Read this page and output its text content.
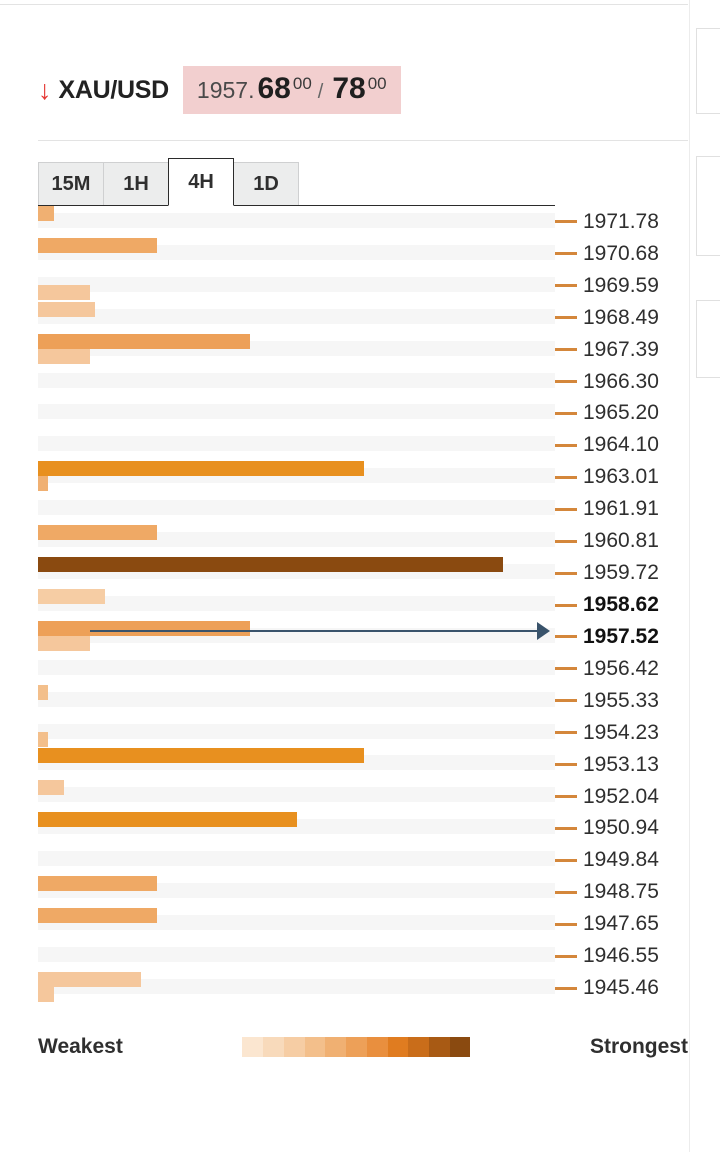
↓ XAU/USD 1957. 68 00 / 78 00
15M	1H	4H	1D
1971.78
1970.68
1969.59
1968.49
1967.39
1966.30
1965.20
1964.10
1963.01
1961.91
1960.81
1959.72
1958.62
1957.52
1956.42
1955.33
1954.23
1953.13
1952.04
1950.94
1949.84
1948.75
1947.65
1946.55
1945.46
Weakest	Strongest
